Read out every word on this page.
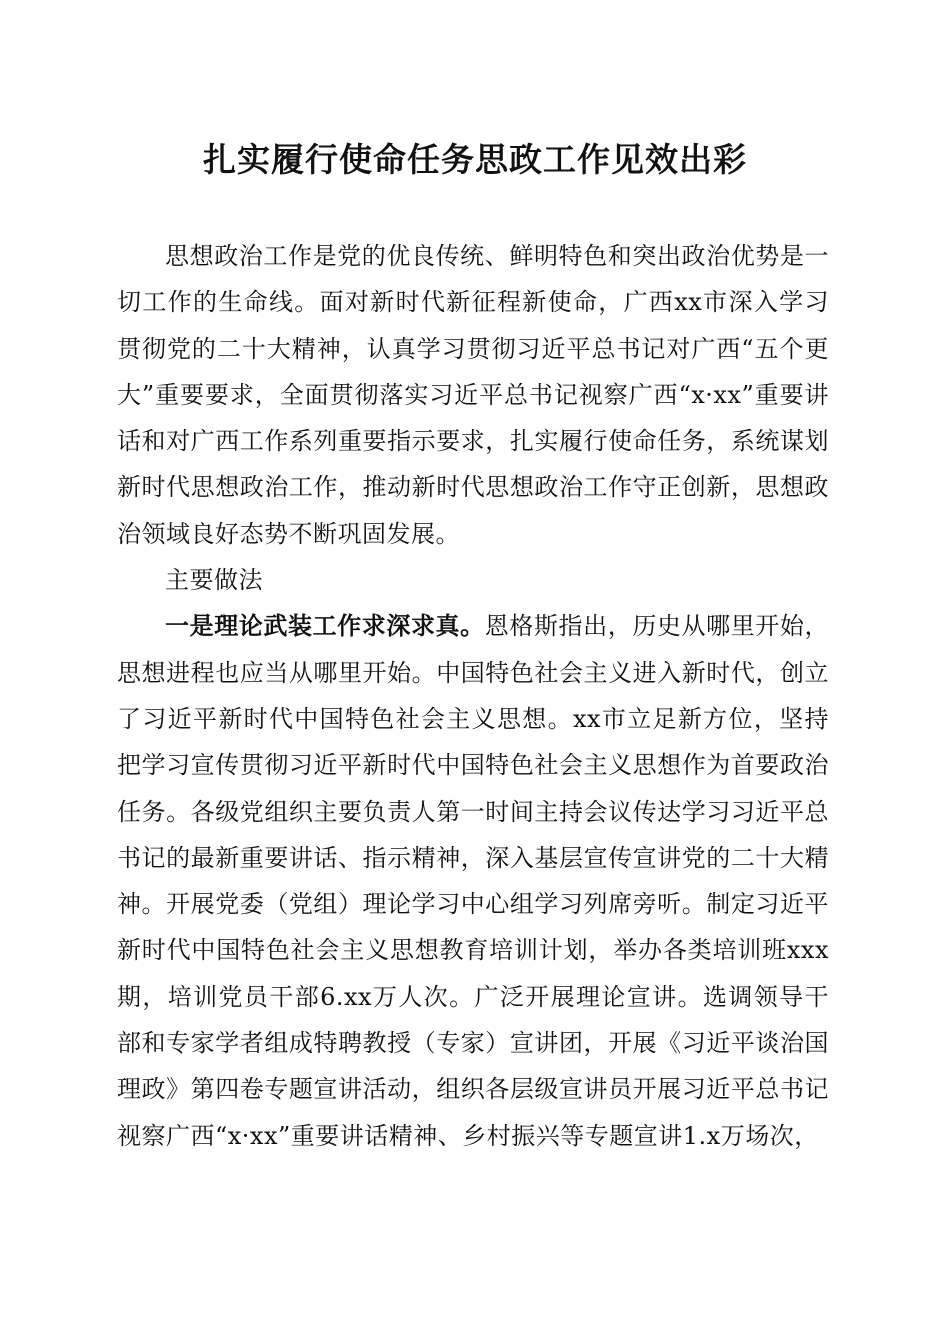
扎实履行使命任务思政工作见效出彩

思想政治工作是党的优良传统、鲜明特色和突出政治优势是一切工作的生命线。面对新时代新征程新使命，广西xx市深入学习贯彻党的二十大精神，认真学习贯彻习近平总书记对广西“五个更大”重要要求，全面贯彻落实习近平总书记视察广西“x·xx”重要讲话和对广西工作系列重要指示要求，扎实履行使命任务，系统谋划新时代思想政治工作，推动新时代思想政治工作守正创新，思想政治领域良好态势不断巩固发展。

主要做法

一是理论武装工作求深求真。恩格斯指出，历史从哪里开始，思想进程也应当从哪里开始。中国特色社会主义进入新时代，创立了习近平新时代中国特色社会主义思想。xx市立足新方位，坚持把学习宣传贯彻习近平新时代中国特色社会主义思想作为首要政治任务。各级党组织主要负责人第一时间主持会议传达学习习近平总书记的最新重要讲话、指示精神，深入基层宣传宣讲党的二十大精神。开展党委（党组）理论学习中心组学习列席旁听。制定习近平新时代中国特色社会主义思想教育培训计划，举办各类培训班xxx期，培训党员干部6.xx万人次。广泛开展理论宣讲。选调领导干部和专家学者组成特聘教授（专家）宣讲团，开展《习近平谈治国理政》第四卷专题宣讲活动，组织各层级宣讲员开展习近平总书记视察广西“x·xx”重要讲话精神、乡村振兴等专题宣讲1.x万场次，
